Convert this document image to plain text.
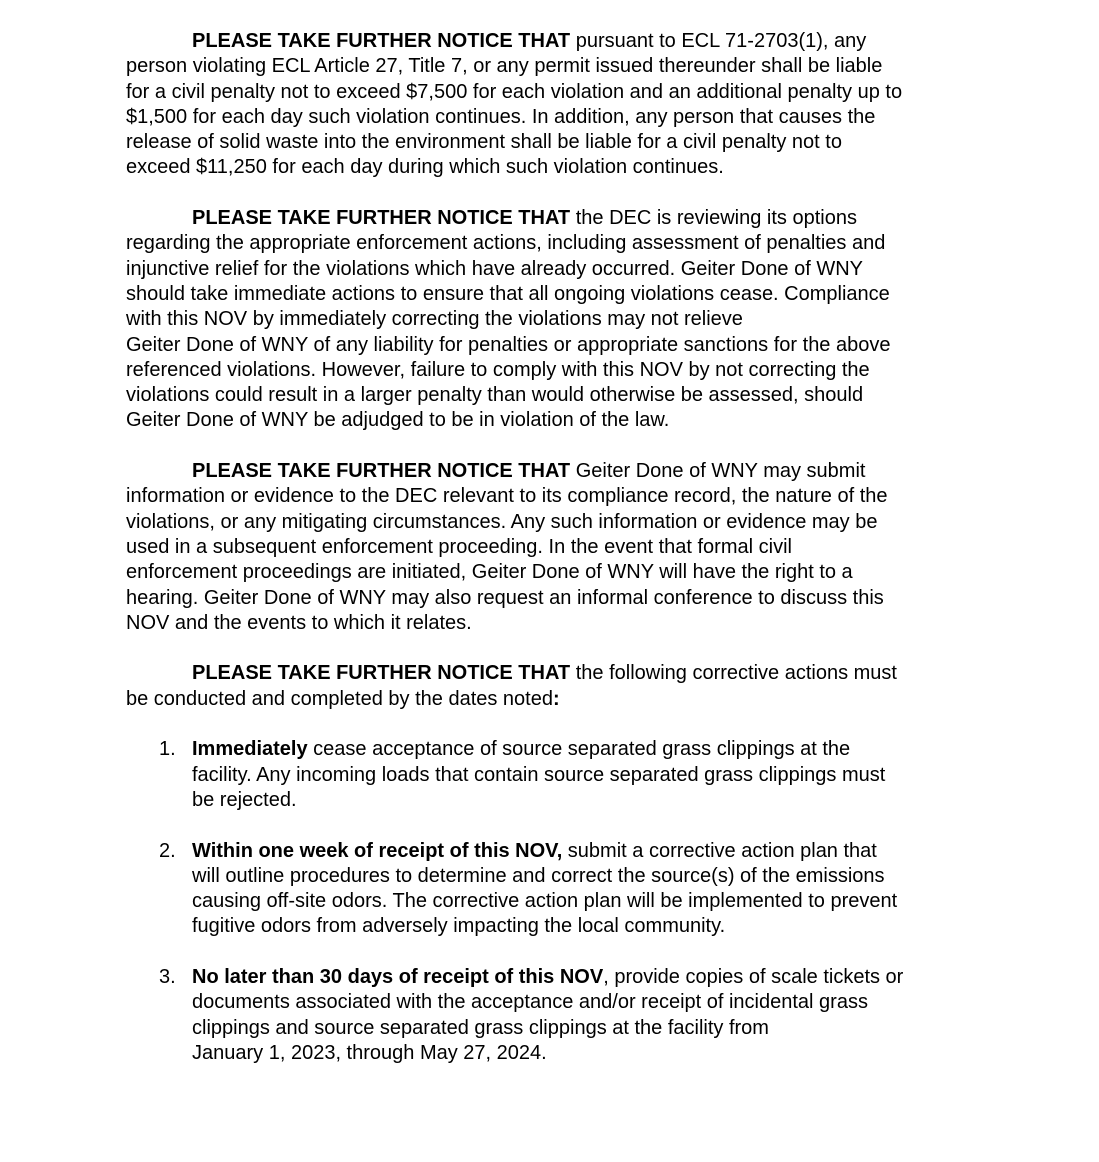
PLEASE TAKE FURTHER NOTICE THAT pursuant to ECL 71-2703(1), any
person violating ECL Article 27, Title 7, or any permit issued thereunder shall be liable
for a civil penalty not to exceed $7,500 for each violation and an additional penalty up to
$1,500 for each day such violation continues. In addition, any person that causes the
release of solid waste into the environment shall be liable for a civil penalty not to
exceed $11,250 for each day during which such violation continues.
PLEASE TAKE FURTHER NOTICE THAT the DEC is reviewing its options
regarding the appropriate enforcement actions, including assessment of penalties and
injunctive relief for the violations which have already occurred. Geiter Done of WNY
should take immediate actions to ensure that all ongoing violations cease. Compliance
with this NOV by immediately correcting the violations may not relieve
Geiter Done of WNY of any liability for penalties or appropriate sanctions for the above
referenced violations. However, failure to comply with this NOV by not correcting the
violations could result in a larger penalty than would otherwise be assessed, should
Geiter Done of WNY be adjudged to be in violation of the law.
PLEASE TAKE FURTHER NOTICE THAT Geiter Done of WNY may submit
information or evidence to the DEC relevant to its compliance record, the nature of the
violations, or any mitigating circumstances. Any such information or evidence may be
used in a subsequent enforcement proceeding. In the event that formal civil
enforcement proceedings are initiated, Geiter Done of WNY will have the right to a
hearing. Geiter Done of WNY may also request an informal conference to discuss this
NOV and the events to which it relates.
PLEASE TAKE FURTHER NOTICE THAT the following corrective actions must
be conducted and completed by the dates noted:
1. Immediately cease acceptance of source separated grass clippings at the
facility. Any incoming loads that contain source separated grass clippings must
be rejected.
2. Within one week of receipt of this NOV, submit a corrective action plan that
will outline procedures to determine and correct the source(s) of the emissions
causing off-site odors. The corrective action plan will be implemented to prevent
fugitive odors from adversely impacting the local community.
3. No later than 30 days of receipt of this NOV, provide copies of scale tickets or
documents associated with the acceptance and/or receipt of incidental grass
clippings and source separated grass clippings at the facility from
January 1, 2023, through May 27, 2024.
